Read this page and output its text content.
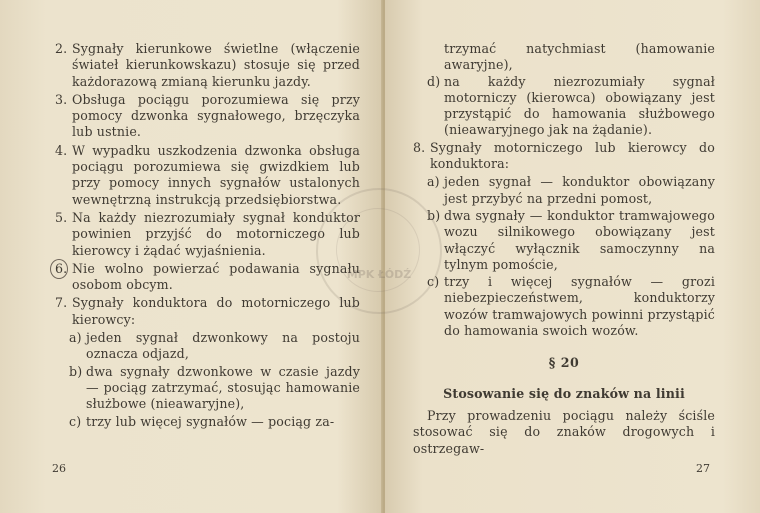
2. Sygnały kierunkowe świetlne (włączenie świateł kierunkowskazu) stosuje się przed każdorazową zmianą kierunku jazdy.
3. Obsługa pociągu porozumiewa się przy pomocy dzwonka sygnałowego, brzęczyka lub ustnie.
4. W wypadku uszkodzenia dzwonka obsługa pociągu porozumiewa się gwizdkiem lub przy pomocy innych sygnałów ustalonych wewnętrzną instrukcją przedsiębiorstwa.
5. Na każdy niezrozumiały sygnał konduktor powinien przyjść do motorniczego lub kierowcy i żądać wyjaśnienia.
6. Nie wolno powierzać podawania sygnału osobom obcym.
7. Sygnały konduktora do motorniczego lub kierowcy:
a) jeden sygnał dzwonkowy na postoju oznacza odjazd,
b) dwa sygnały dzwonkowe w czasie jazdy — pociąg zatrzymać, stosując hamowanie służbowe (nieawaryjne),
c) trzy lub więcej sygnałów — pociąg za-
26
trzymać natychmiast (hamowanie awaryjne),
d) na każdy niezrozumiały sygnał motorniczy (kierowca) obowiązany jest przystąpić do hamowania służbowego (nieawaryjnego jak na żądanie).
8. Sygnały motorniczego lub kierowcy do konduktora:
a) jeden sygnał — konduktor obowiązany jest przybyć na przedni pomost,
b) dwa sygnały — konduktor tramwajowego wozu silnikowego obowiązany jest włączyć wyłącznik samoczynny na tylnym pomoście,
c) trzy i więcej sygnałów — grozi niebezpieczeństwem, konduktorzy wozów tramwajowych powinni przystąpić do hamowania swoich wozów.
§ 20
Stosowanie się do znaków na linii
Przy prowadzeniu pociągu należy ściśle stosować się do znaków drogowych i ostrzegaw-
27
MPK ŁÓDŹ
